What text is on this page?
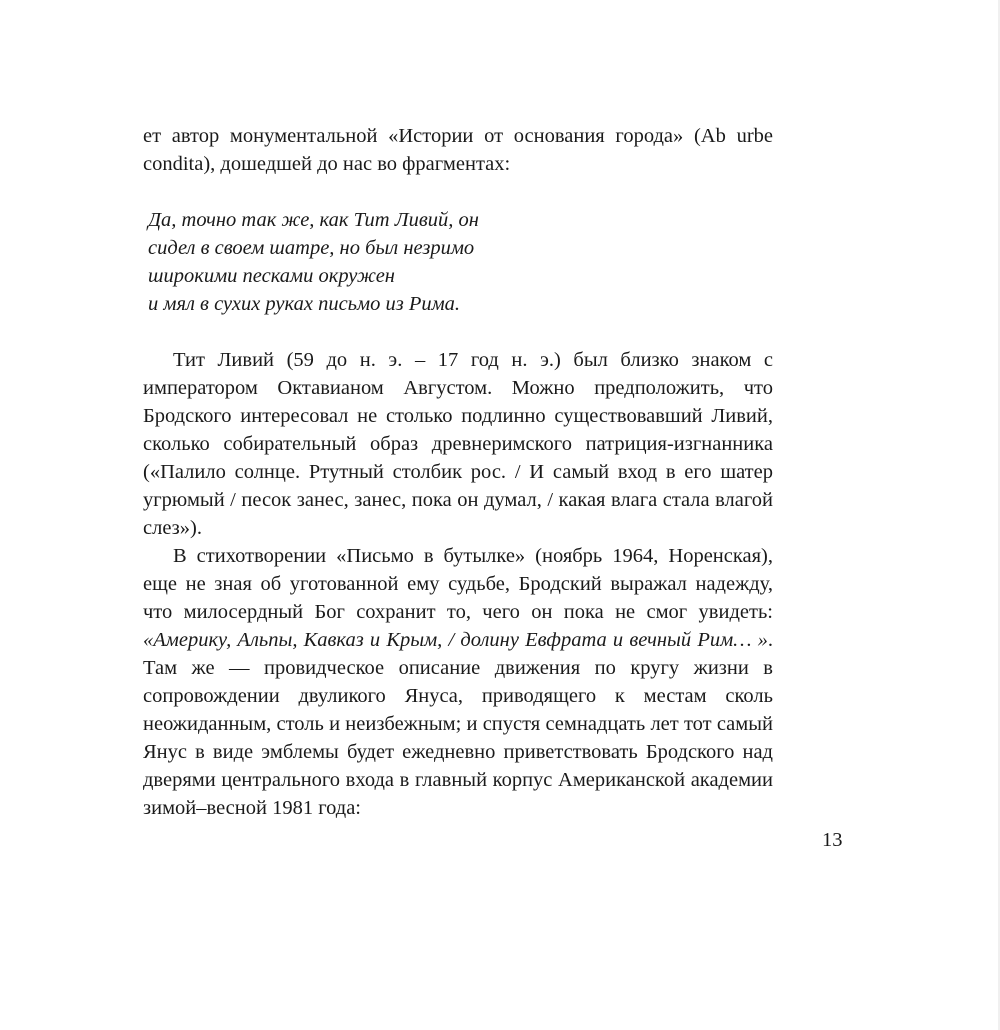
ет автор монументальной «Истории от основания города» (Ab urbe condita), дошедшей до нас во фрагментах:

Да, точно так же, как Тит Ливий, он
сидел в своем шатре, но был незримо
широкими песками окружен
и мял в сухих руках письмо из Рима.

Тит Ливий (59 до н. э. – 17 год н. э.) был близко знаком с императором Октавианом Августом. Можно предположить, что Бродского интересовал не столько подлинно существовавший Ливий, сколько собирательный образ древнеримского патриция-изгнанника («Палило солнце. Ртутный столбик рос. / И самый вход в его шатер угрюмый / песок занес, занес, пока он думал, / какая влага стала влагой слез»).

В стихотворении «Письмо в бутылке» (ноябрь 1964, Норенская), еще не зная об уготованной ему судьбе, Бродский выражал надежду, что милосердный Бог сохранит то, чего он пока не смог увидеть: «Америку, Альпы, Кавказ и Крым, / долину Евфрата и вечный Рим… ». Там же — провидческое описание движения по кругу жизни в сопровождении двуликого Януса, приводящего к местам сколь неожиданным, столь и неизбежным; и спустя семнадцать лет тот самый Янус в виде эмблемы будет ежедневно приветствовать Бродского над дверями центрального входа в главный корпус Американской академии зимой–весной 1981 года:

13
